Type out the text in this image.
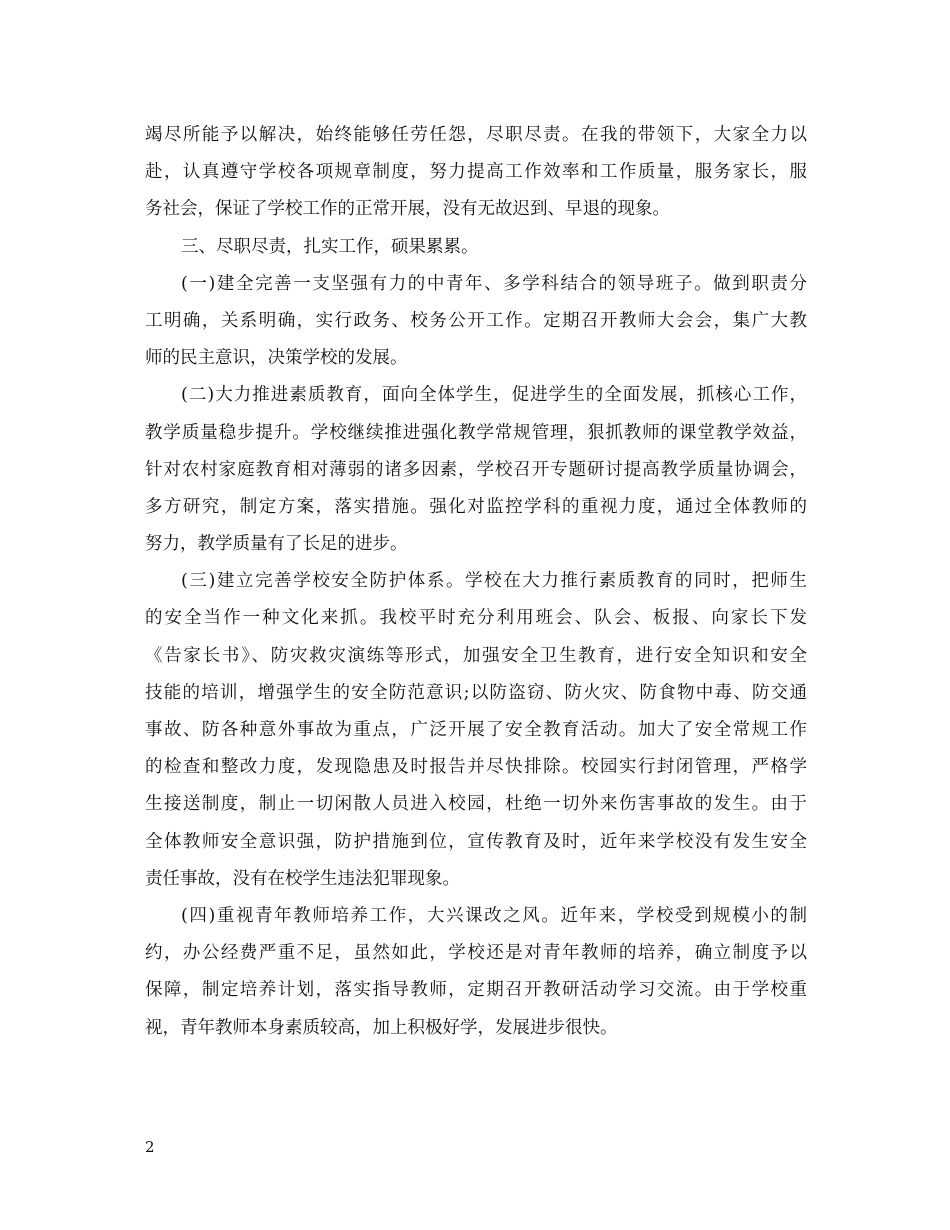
竭尽所能予以解决，始终能够任劳任怨，尽职尽责。在我的带领下，大家全力以
赴，认真遵守学校各项规章制度，努力提高工作效率和工作质量，服务家长，服
务社会，保证了学校工作的正常开展，没有无故迟到、早退的现象。
三、尽职尽责，扎实工作，硕果累累。
(一)建全完善一支坚强有力的中青年、多学科结合的领导班子。做到职责分
工明确，关系明确，实行政务、校务公开工作。定期召开教师大会会，集广大教
师的民主意识，决策学校的发展。
(二)大力推进素质教育，面向全体学生，促进学生的全面发展，抓核心工作，
教学质量稳步提升。学校继续推进强化教学常规管理，狠抓教师的课堂教学效益，
针对农村家庭教育相对薄弱的诸多因素，学校召开专题研讨提高教学质量协调会，
多方研究，制定方案，落实措施。强化对监控学科的重视力度，通过全体教师的
努力，教学质量有了长足的进步。
(三)建立完善学校安全防护体系。学校在大力推行素质教育的同时，把师生
的安全当作一种文化来抓。我校平时充分利用班会、队会、板报、向家长下发
《告家长书》、防灾救灾演练等形式，加强安全卫生教育，进行安全知识和安全
技能的培训，增强学生的安全防范意识;以防盗窃、防火灾、防食物中毒、防交通
事故、防各种意外事故为重点，广泛开展了安全教育活动。加大了安全常规工作
的检查和整改力度，发现隐患及时报告并尽快排除。校园实行封闭管理，严格学
生接送制度，制止一切闲散人员进入校园，杜绝一切外来伤害事故的发生。由于
全体教师安全意识强，防护措施到位，宣传教育及时，近年来学校没有发生安全
责任事故，没有在校学生违法犯罪现象。
(四)重视青年教师培养工作，大兴课改之风。近年来，学校受到规模小的制
约，办公经费严重不足，虽然如此，学校还是对青年教师的培养，确立制度予以
保障，制定培养计划，落实指导教师，定期召开教研活动学习交流。由于学校重
视，青年教师本身素质较高，加上积极好学，发展进步很快。
2
